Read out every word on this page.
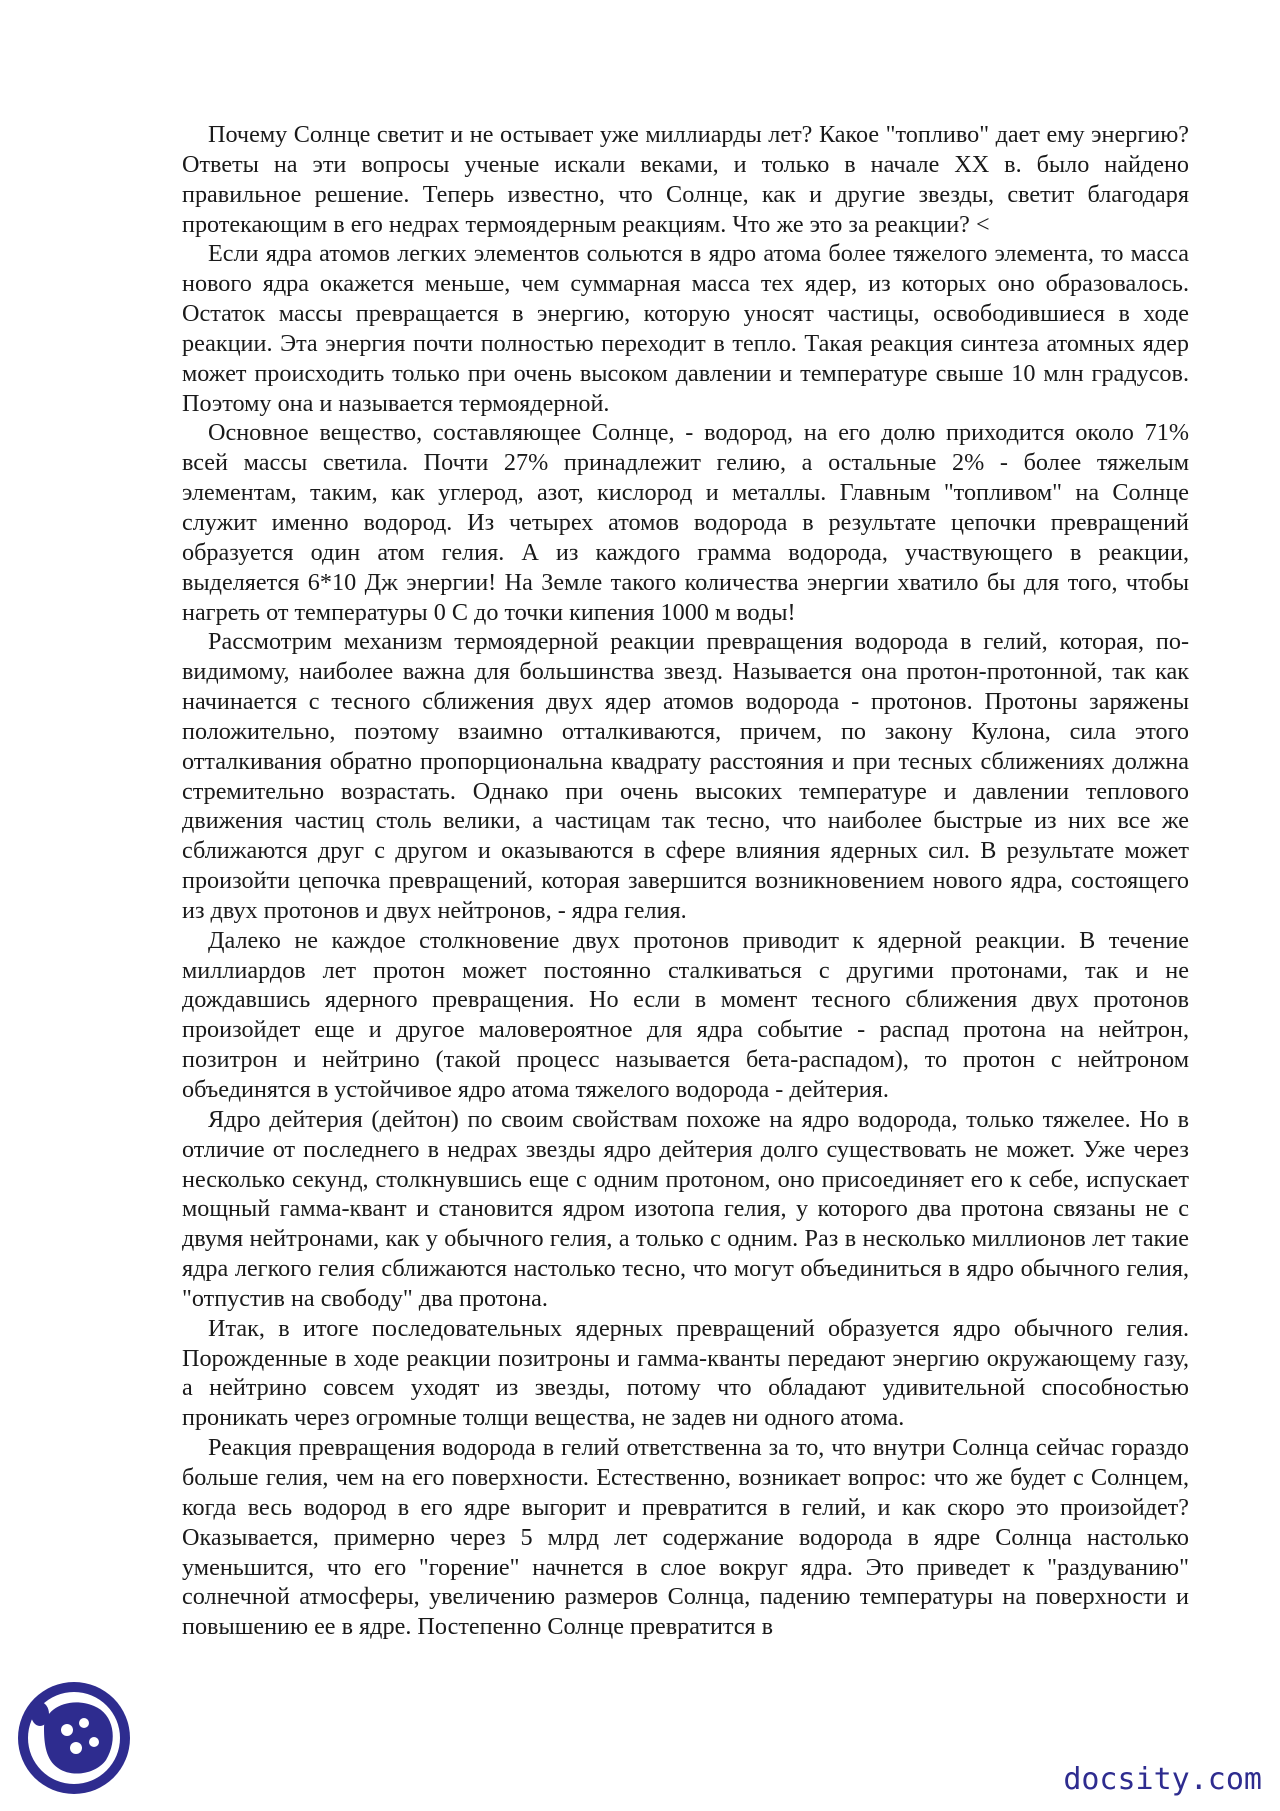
Почему Солнце светит и не остывает уже миллиарды лет? Какое "топливо" дает ему энергию? Ответы на эти вопросы ученые искали веками, и только в начале XX в. было найдено правильное решение. Теперь известно, что Солнце, как и другие звезды, светит благодаря протекающим в его недрах термоядерным реакциям. Что же это за реакции? <

Если ядра атомов легких элементов сольются в ядро атома более тяжелого элемента, то масса нового ядра окажется меньше, чем суммарная масса тех ядер, из которых оно образовалось. Остаток массы превращается в энергию, которую уносят частицы, освободившиеся в ходе реакции. Эта энергия почти полностью переходит в тепло. Такая реакция синтеза атомных ядер может происходить только при очень высоком давлении и температуре свыше 10 млн градусов. Поэтому она и называется термоядерной.

Основное вещество, составляющее Солнце, - водород, на его долю приходится около 71% всей массы светила. Почти 27% принадлежит гелию, а остальные 2% - более тяжелым элементам, таким, как углерод, азот, кислород и металлы. Главным "топливом" на Солнце служит именно водород. Из четырех атомов водорода в результате цепочки превращений образуется один атом гелия. А из каждого грамма водорода, участвующего в реакции, выделяется 6*10 Дж энергии! На Земле такого количества энергии хватило бы для того, чтобы нагреть от температуры 0 С до точки кипения 1000 м воды!

Рассмотрим механизм термоядерной реакции превращения водорода в гелий, которая, по-видимому, наиболее важна для большинства звезд. Называется она протон-протонной, так как начинается с тесного сближения двух ядер атомов водорода - протонов. Протоны заряжены положительно, поэтому взаимно отталкиваются, причем, по закону Кулона, сила этого отталкивания обратно пропорциональна квадрату расстояния и при тесных сближениях должна стремительно возрастать. Однако при очень высоких температуре и давлении теплового движения частиц столь велики, а частицам так тесно, что наиболее быстрые из них все же сближаются друг с другом и оказываются в сфере влияния ядерных сил. В результате может произойти цепочка превращений, которая завершится возникновением нового ядра, состоящего из двух протонов и двух нейтронов, - ядра гелия.

Далеко не каждое столкновение двух протонов приводит к ядерной реакции. В течение миллиардов лет протон может постоянно сталкиваться с другими протонами, так и не дождавшись ядерного превращения. Но если в момент тесного сближения двух протонов произойдет еще и другое маловероятное для ядра событие - распад протона на нейтрон, позитрон и нейтрино (такой процесс называется бета-распадом), то протон с нейтроном объединятся в устойчивое ядро атома тяжелого водорода - дейтерия.

Ядро дейтерия (дейтон) по своим свойствам похоже на ядро водорода, только тяжелее. Но в отличие от последнего в недрах звезды ядро дейтерия долго существовать не может. Уже через несколько секунд, столкнувшись еще с одним протоном, оно присоединяет его к себе, испускает мощный гамма-квант и становится ядром изотопа гелия, у которого два протона связаны не с двумя нейтронами, как у обычного гелия, а только с одним. Раз в несколько миллионов лет такие ядра легкого гелия сближаются настолько тесно, что могут объединиться в ядро обычного гелия, "отпустив на свободу" два протона.

Итак, в итоге последовательных ядерных превращений образуется ядро обычного гелия. Порожденные в ходе реакции позитроны и гамма-кванты передают энергию окружающему газу, а нейтрино совсем уходят из звезды, потому что обладают удивительной способностью проникать через огромные толщи вещества, не задев ни одного атома.

Реакция превращения водорода в гелий ответственна за то, что внутри Солнца сейчас гораздо больше гелия, чем на его поверхности. Естественно, возникает вопрос: что же будет с Солнцем, когда весь водород в его ядре выгорит и превратится в гелий, и как скоро это произойдет? Оказывается, примерно через 5 млрд лет содержание водорода в ядре Солнца настолько уменьшится, что его "горение" начнется в слое вокруг ядра. Это приведет к "раздуванию" солнечной атмосферы, увеличению размеров Солнца, падению температуры на поверхности и повышению ее в ядре. Постепенно Солнце превратится в

docsity.com
